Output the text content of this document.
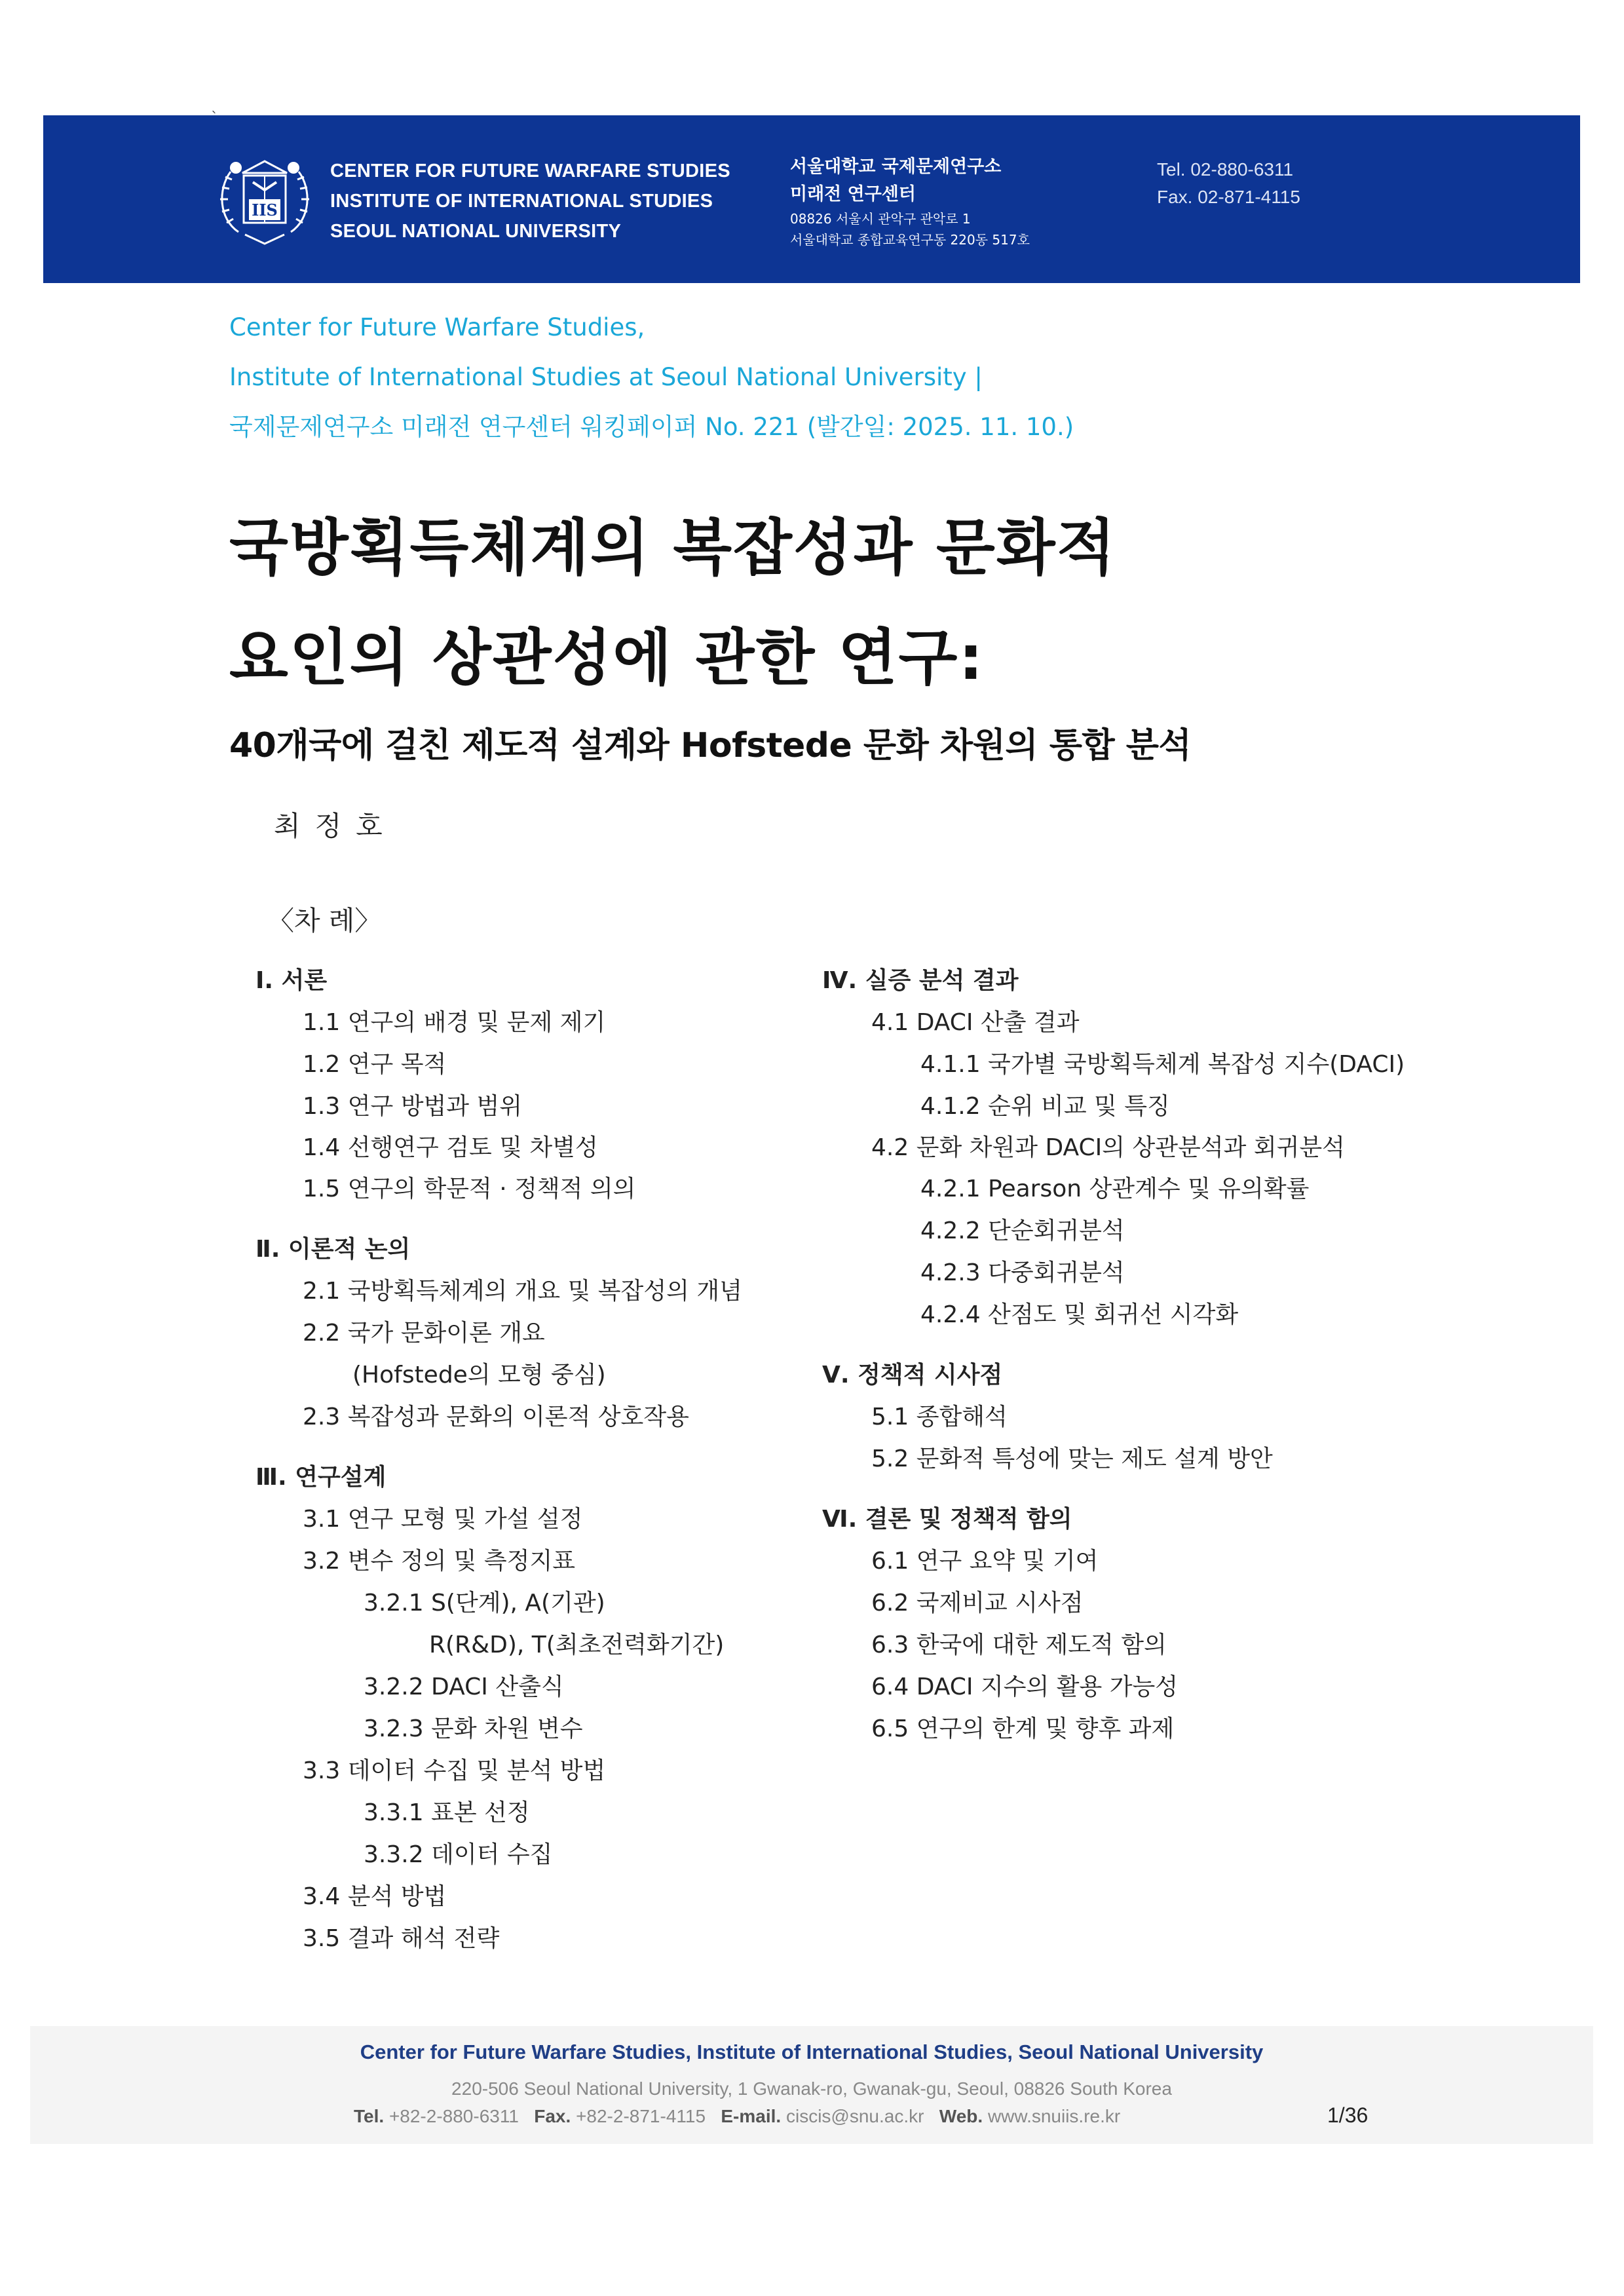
IIS
CENTER FOR FUTURE WARFARE STUDIES
INSTITUTE OF INTERNATIONAL STUDIES
SEOUL NATIONAL UNIVERSITY
서울대학교 국제문제연구소
미래전 연구센터
08826 서울시 관악구 관악로 1
서울대학교 종합교육연구동 220동 517호
Tel. 02-880-6311
Fax. 02-871-4115
Center for Future Warfare Studies,
Institute of International Studies at Seoul National University |
국제문제연구소 미래전 연구센터 워킹페이퍼 No. 221 (발간일: 2025. 11. 10.)
국방획득체계의 복잡성과 문화적
요인의 상관성에 관한 연구:
40개국에 걸친 제도적 설계와 Hofstede 문화 차원의 통합 분석
최정호
〈차 례〉
Ⅰ. 서론
1.1 연구의 배경 및 문제 제기
1.2 연구 목적
1.3 연구 방법과 범위
1.4 선행연구 검토 및 차별성
1.5 연구의 학문적 · 정책적 의의
Ⅱ. 이론적 논의
2.1 국방획득체계의 개요 및 복잡성의 개념
2.2 국가 문화이론 개요
(Hofstede의 모형 중심)
2.3 복잡성과 문화의 이론적 상호작용
Ⅲ. 연구설계
3.1 연구 모형 및 가설 설정
3.2 변수 정의 및 측정지표
3.2.1 S(단계), A(기관)
R(R&D), T(최초전력화기간)
3.2.2 DACI 산출식
3.2.3 문화 차원 변수
3.3 데이터 수집 및 분석 방법
3.3.1 표본 선정
3.3.2 데이터 수집
3.4 분석 방법
3.5 결과 해석 전략
Ⅳ. 실증 분석 결과
4.1 DACI 산출 결과
4.1.1 국가별 국방획득체계 복잡성 지수(DACI)
4.1.2 순위 비교 및 특징
4.2 문화 차원과 DACI의 상관분석과 회귀분석
4.2.1 Pearson 상관계수 및 유의확률
4.2.2 단순회귀분석
4.2.3 다중회귀분석
4.2.4 산점도 및 회귀선 시각화
Ⅴ. 정책적 시사점
5.1 종합해석
5.2 문화적 특성에 맞는 제도 설계 방안
Ⅵ. 결론 및 정책적 함의
6.1 연구 요약 및 기여
6.2 국제비교 시사점
6.3 한국에 대한 제도적 함의
6.4 DACI 지수의 활용 가능성
6.5 연구의 한계 및 향후 과제
Center for Future Warfare Studies, Institute of International Studies, Seoul National University
220-506 Seoul National University, 1 Gwanak-ro, Gwanak-gu, Seoul, 08826 South Korea
Tel. +82-2-880-6311 Fax. +82-2-871-4115 E-mail. ciscis@snu.ac.kr Web. www.snuiis.re.kr	1/36
